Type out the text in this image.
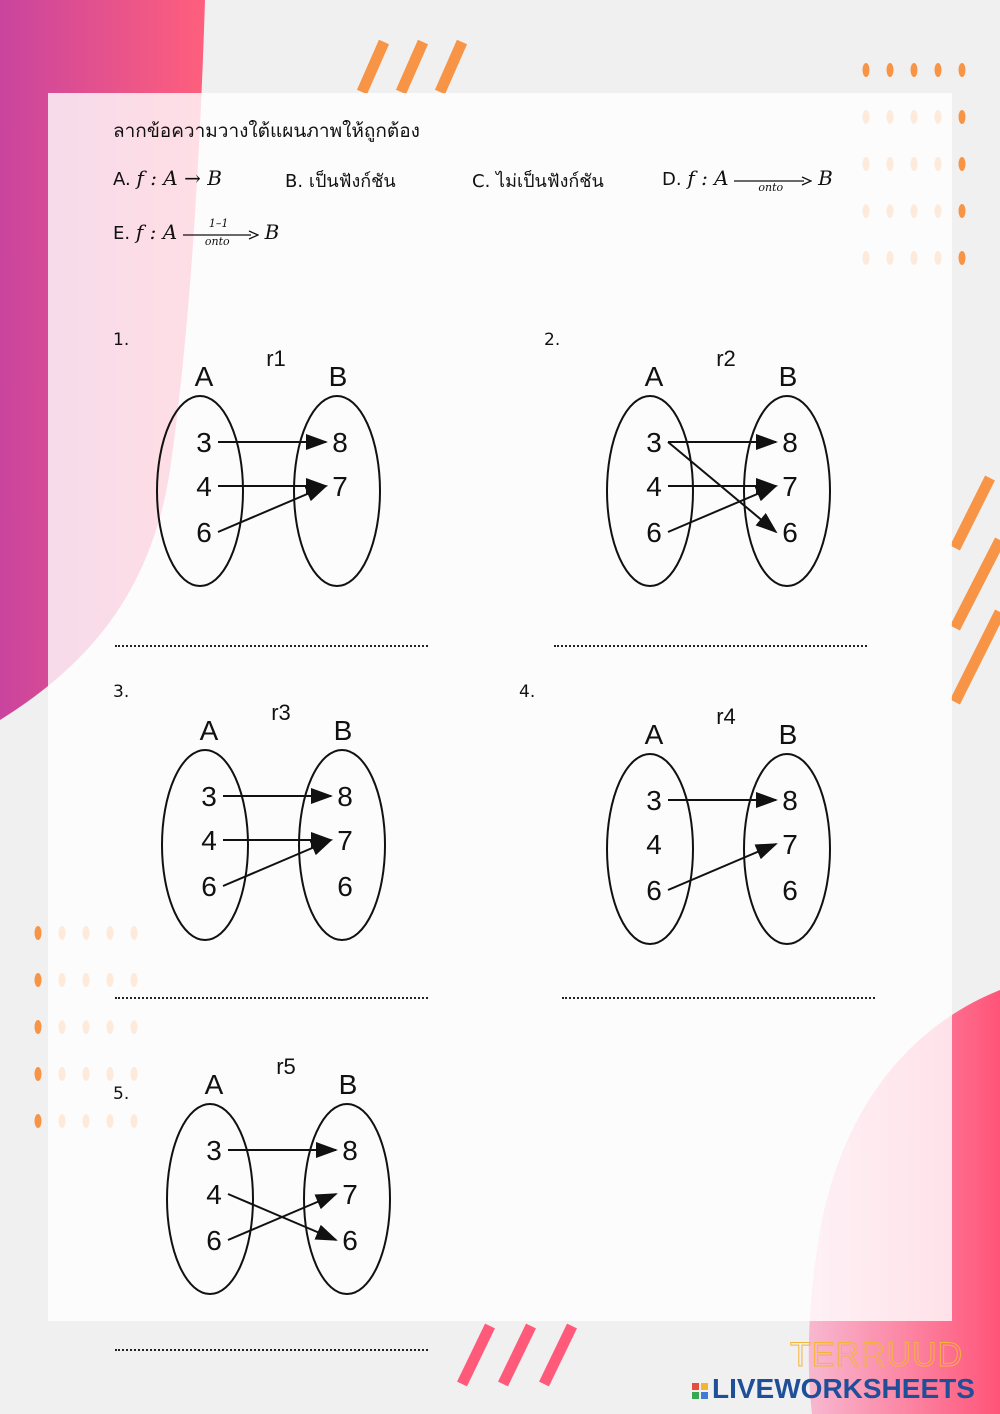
ลากข้อความวางใต้แผนภาพให้ถูกต้อง
A. f : A → B	B. เป็นฟังก์ชัน	C. ไม่เป็นฟังก์ชัน	D. f : A	onto B
E. f : A	1–1
onto B
1.	2.
3.	4.
5.
A	B
r1
3
4
6
8
7
A	B
r2
3
4
6
8
7
6
A	B
r3
3
4
6
8
7
6
A	B
r4
3
4
6
8
7
6
A	B
r5
3
4
6
8
7
6
TERRUUD
LIVEWORKSHEETS
